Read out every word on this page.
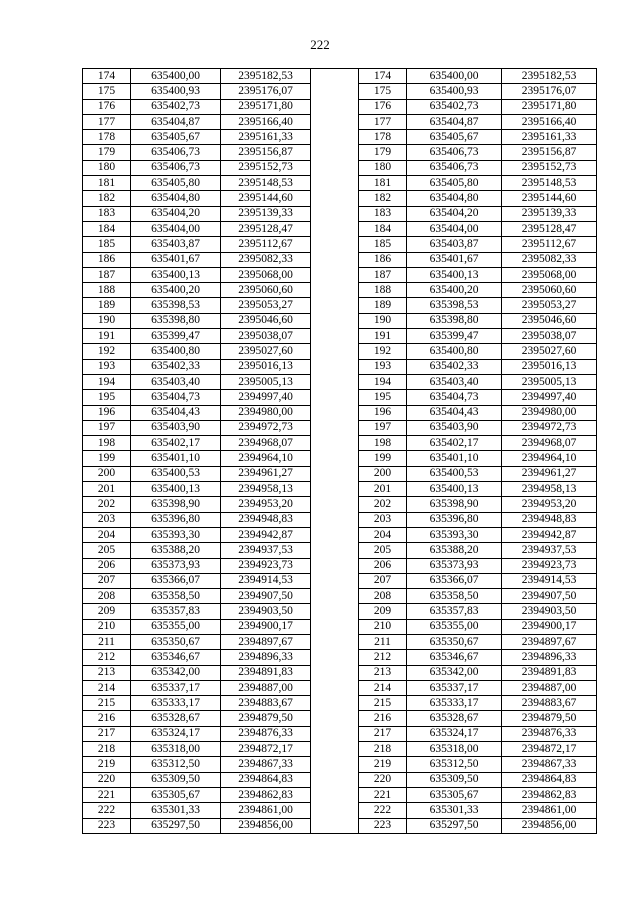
222
174	635400,00	2395182,53		174	635400,00	2395182,53
175	635400,93	2395176,07		175	635400,93	2395176,07
176	635402,73	2395171,80		176	635402,73	2395171,80
177	635404,87	2395166,40		177	635404,87	2395166,40
178	635405,67	2395161,33		178	635405,67	2395161,33
179	635406,73	2395156,87		179	635406,73	2395156,87
180	635406,73	2395152,73		180	635406,73	2395152,73
181	635405,80	2395148,53		181	635405,80	2395148,53
182	635404,80	2395144,60		182	635404,80	2395144,60
183	635404,20	2395139,33		183	635404,20	2395139,33
184	635404,00	2395128,47		184	635404,00	2395128,47
185	635403,87	2395112,67		185	635403,87	2395112,67
186	635401,67	2395082,33		186	635401,67	2395082,33
187	635400,13	2395068,00		187	635400,13	2395068,00
188	635400,20	2395060,60		188	635400,20	2395060,60
189	635398,53	2395053,27		189	635398,53	2395053,27
190	635398,80	2395046,60		190	635398,80	2395046,60
191	635399,47	2395038,07		191	635399,47	2395038,07
192	635400,80	2395027,60		192	635400,80	2395027,60
193	635402,33	2395016,13		193	635402,33	2395016,13
194	635403,40	2395005,13		194	635403,40	2395005,13
195	635404,73	2394997,40		195	635404,73	2394997,40
196	635404,43	2394980,00		196	635404,43	2394980,00
197	635403,90	2394972,73		197	635403,90	2394972,73
198	635402,17	2394968,07		198	635402,17	2394968,07
199	635401,10	2394964,10		199	635401,10	2394964,10
200	635400,53	2394961,27		200	635400,53	2394961,27
201	635400,13	2394958,13		201	635400,13	2394958,13
202	635398,90	2394953,20		202	635398,90	2394953,20
203	635396,80	2394948,83		203	635396,80	2394948,83
204	635393,30	2394942,87		204	635393,30	2394942,87
205	635388,20	2394937,53		205	635388,20	2394937,53
206	635373,93	2394923,73		206	635373,93	2394923,73
207	635366,07	2394914,53		207	635366,07	2394914,53
208	635358,50	2394907,50		208	635358,50	2394907,50
209	635357,83	2394903,50		209	635357,83	2394903,50
210	635355,00	2394900,17		210	635355,00	2394900,17
211	635350,67	2394897,67		211	635350,67	2394897,67
212	635346,67	2394896,33		212	635346,67	2394896,33
213	635342,00	2394891,83		213	635342,00	2394891,83
214	635337,17	2394887,00		214	635337,17	2394887,00
215	635333,17	2394883,67		215	635333,17	2394883,67
216	635328,67	2394879,50		216	635328,67	2394879,50
217	635324,17	2394876,33		217	635324,17	2394876,33
218	635318,00	2394872,17		218	635318,00	2394872,17
219	635312,50	2394867,33		219	635312,50	2394867,33
220	635309,50	2394864,83		220	635309,50	2394864,83
221	635305,67	2394862,83		221	635305,67	2394862,83
222	635301,33	2394861,00		222	635301,33	2394861,00
223	635297,50	2394856,00		223	635297,50	2394856,00
